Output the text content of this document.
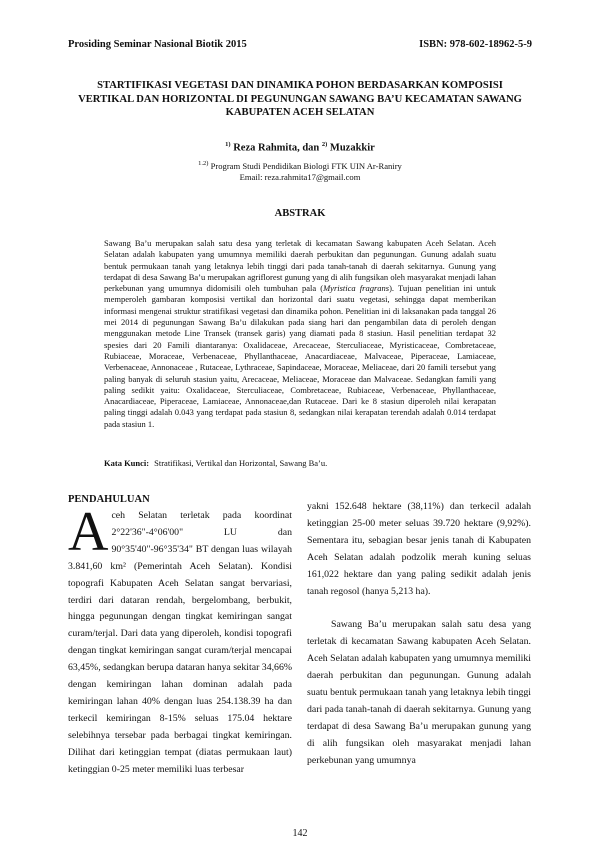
Prosiding Seminar Nasional Biotik 2015	ISBN: 978-602-18962-5-9
STARTIFIKASI VEGETASI DAN DINAMIKA POHON BERDASARKAN KOMPOSISI VERTIKAL DAN HORIZONTAL DI PEGUNUNGAN SAWANG BA’U KECAMATAN SAWANG KABUPATEN ACEH SELATAN
$^{1)}$ Reza Rahmita, dan $^{2)}$ Muzakkir
$^{1.2)}$ Program Studi Pendidikan Biologi FTK UIN Ar-Raniry
Email: reza.rahmita17@gmail.com
ABSTRAK
Sawang Ba’u merupakan salah satu desa yang terletak di kecamatan Sawang kabupaten Aceh Selatan. Aceh Selatan adalah kabupaten yang umumnya memiliki daerah perbukitan dan pegunungan. Gunung adalah suatu bentuk permukaan tanah yang letaknya lebih tinggi dari pada tanah-tanah di daerah sekitarnya. Gunung yang terdapat di desa Sawang Ba’u merupakan agriflorest gunung yang di alih fungsikan oleh masyarakat menjadi lahan perkebunan yang umumnya didomisili oleh tumbuhan pala (Myristica fragrans). Tujuan penelitian ini untuk memperoleh gambaran komposisi vertikal dan horizontal dari suatu vegetasi, sehingga dapat memberikan informasi mengenai struktur stratifikasi vegetasi dan dinamika pohon. Penelitian ini di laksanakan pada tanggal 26 mei 2014 di pegunungan Sawang Ba’u dilakukan pada siang hari dan pengambilan data di peroleh dengan menggunakan metode Line Transek (transek garis) yang diamati pada 8 stasiun. Hasil penelitian terdapat 32 spesies dari 20 Famili diantaranya: Oxalidaceae, Arecaceae, Sterculiaceae, Myristicaceae, Combretaceae, Rubiaceae, Moraceae, Verbenaceae, Phyllanthaceae, Anacardiaceae, Malvaceae, Piperaceae, Lamiaceae, Verbenaceae, Annonaceae , Rutaceae, Lythraceae, Sapindaceae, Moraceae, Meliaceae, dari 20 famili tersebut yang paling banyak di seluruh stasiun yaitu, Arecaceae, Meliaceae, Moraceae dan Malvaceae. Sedangkan famili yang paling sedikit yaitu: Oxalidaceae, Sterculiaceae, Combretaceae, Rubiaceae, Verbenaceae, Phyllanthaceae, Anacardiaceae, Piperaceae, Lamiaceae, Annonaceae,dan Rutaceae. Dari ke 8 stasiun diperoleh nilai kerapatan paling tinggi adalah 0.043 yang terdapat pada stasiun 8, sedangkan nilai kerapatan terendah adalah 0.014 terdapat pada stasiun 1.
Kata Kunci: Stratifikasi, Vertikal dan Horizontal, Sawang Ba’u.
PENDAHULUAN

Aceh Selatan terletak pada koordinat 2°22'36"-4°06'00" LU dan 90°35'40"-96°35'34" BT dengan luas wilayah 3.841,60 km² (Pemerintah Aceh Selatan). Kondisi topografi Kabupaten Aceh Selatan sangat bervariasi, terdiri dari dataran rendah, bergelombang, berbukit, hingga pegunungan dengan tingkat kemiringan sangat curam/terjal. Dari data yang diperoleh, kondisi topografi dengan tingkat kemiringan sangat curam/terjal mencapai 63,45%, sedangkan berupa dataran hanya sekitar 34,66% dengan kemiringan lahan dominan adalah pada kemiringan lahan 40% dengan luas 254.138.39 ha dan terkecil kemiringan 8-15% seluas 175.04 hektare selebihnya tersebar pada berbagai tingkat kemiringan. Dilihat dari ketinggian tempat (diatas permukaan laut) ketinggian 0-25 meter memiliki luas terbesar

yakni 152.648 hektare (38,11%) dan terkecil adalah ketinggian 25-00 meter seluas 39.720 hektare (9,92%). Sementara itu, sebagian besar jenis tanah di Kabupaten Aceh Selatan adalah podzolik merah kuning seluas 161,022 hektare dan yang paling sedikit adalah jenis tanah regosol (hanya 5,213 ha).

Sawang Ba’u merupakan salah satu desa yang terletak di kecamatan Sawang kabupaten Aceh Selatan. Aceh Selatan adalah kabupaten yang umumnya memiliki daerah perbukitan dan pegunungan. Gunung adalah suatu bentuk permukaan tanah yang letaknya lebih tinggi dari pada tanah-tanah di daerah sekitarnya. Gunung yang terdapat di desa Sawang Ba’u merupakan gunung yang di alih fungsikan oleh masyarakat menjadi lahan perkebunan yang umumnya

142
